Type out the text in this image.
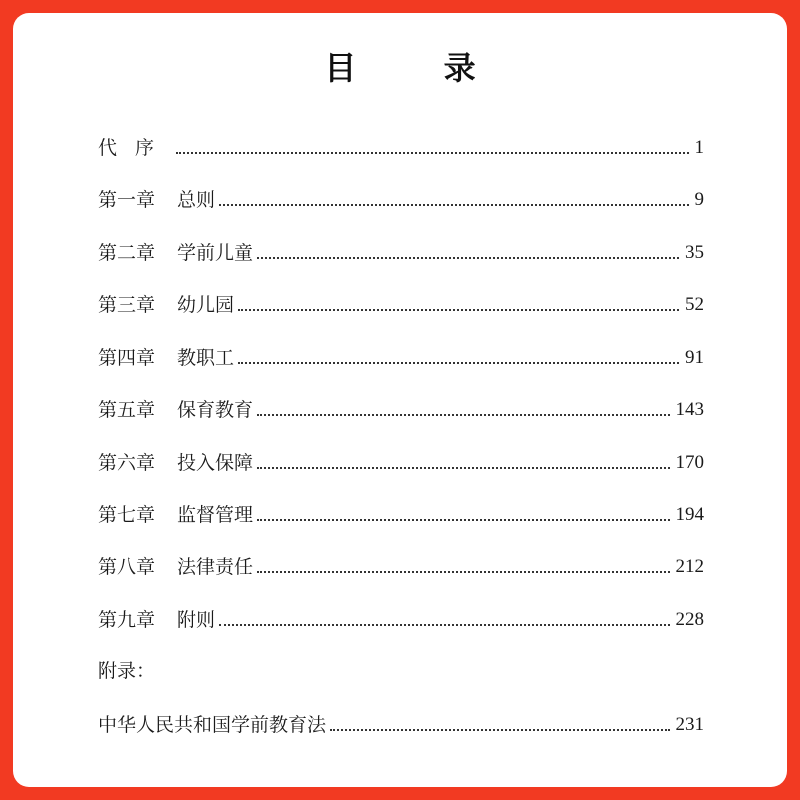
目 录
代序	1
第一章 总则	9
第二章 学前儿童	35
第三章 幼儿园	52
第四章 教职工	91
第五章 保育教育	143
第六章 投入保障	170
第七章 监督管理	194
第八章 法律责任	212
第九章 附则	228
附录：
中华人民共和国学前教育法	231
